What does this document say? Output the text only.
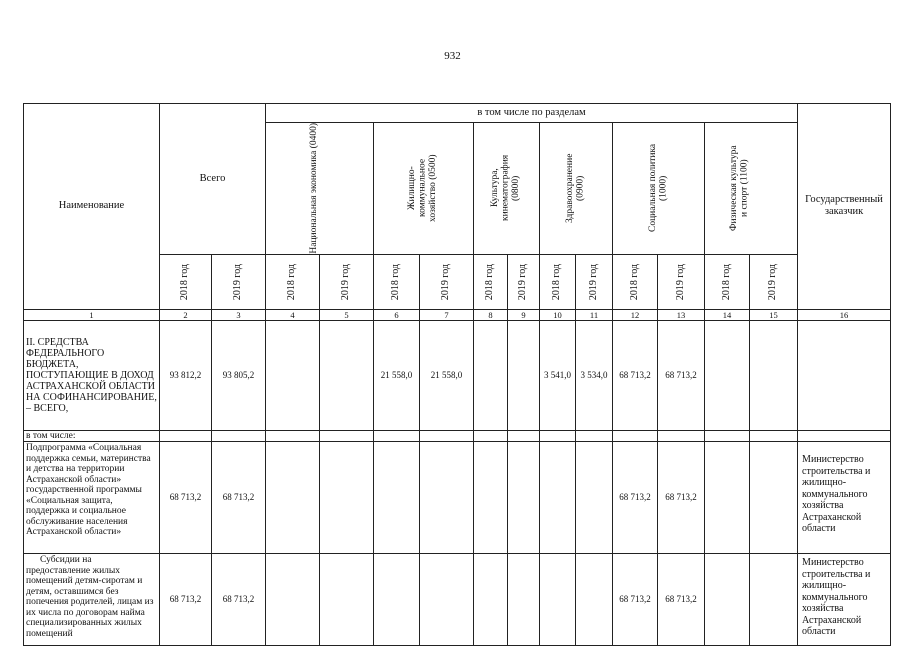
932
Наименование	Всего		в том числе по разделам												Государственный заказчик

			Национальная экономика (0400)		Жилищно-коммунальное хозяйство (0500)		Культура, кинематография (0800)		Здравоохранение (0900)		Социальная политика (1000)		Физическая культура и спорт (1100)		

	2018 год	2019 год	2018 год	2019 год	2018 год	2019 год	2018 год	2019 год	2018 год	2019 год	2018 год	2019 год	2018 год	2019 год	

1	2	3	4	5	6	7	8	9	10	11	12	13	14	15	16
II. СРЕДСТВА ФЕДЕРАЛЬНОГО БЮДЖЕТА, ПОСТУПАЮЩИЕ В ДОХОД АСТРАХАНСКОЙ ОБЛАСТИ НА СОФИНАНСИРОВАНИЕ, – ВСЕГО,	93 812,2	93 805,2			21 558,0	21 558,0			3 541,0	3 534,0	68 713,2	68 713,2			
в том числе:															
Подпрограмма «Социальная поддержка семьи, материнства и детства на территории Астраханской области» государственной программы «Социальная защита, поддержка и социальное обслуживание населения Астраханской области»	68 713,2	68 713,2									68 713,2	68 713,2			Министерство строительства и жилищно-коммунального хозяйства Астраханской области
Субсидии на предоставление жилых помещений детям-сиротам и детям, оставшимся без попечения родителей, лицам из их числа по договорам найма специализированных жилых помещений	68 713,2	68 713,2									68 713,2	68 713,2			Министерство строительства и жилищно-коммунального хозяйства Астраханской области
